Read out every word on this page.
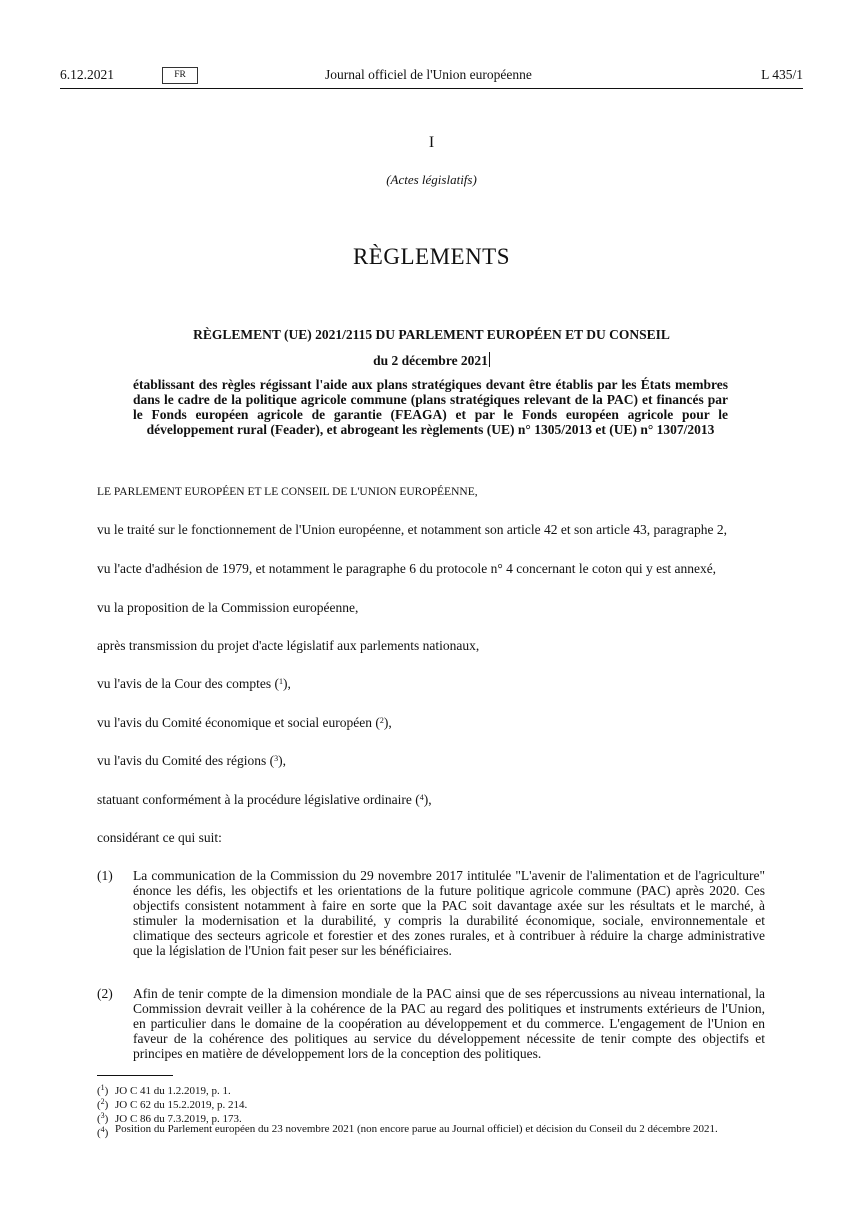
6.12.2021	FR	Journal officiel de l'Union européenne	L 435/1
I
(Actes législatifs)
RÈGLEMENTS
RÈGLEMENT (UE) 2021/2115 DU PARLEMENT EUROPÉEN ET DU CONSEIL
du 2 décembre 2021
établissant des règles régissant l'aide aux plans stratégiques devant être établis par les États membres dans le cadre de la politique agricole commune (plans stratégiques relevant de la PAC) et financés par le Fonds européen agricole de garantie (FEAGA) et par le Fonds européen agricole pour le développement rural (Feader), et abrogeant les règlements (UE) n° 1305/2013 et (UE) n° 1307/2013
LE PARLEMENT EUROPÉEN ET LE CONSEIL DE L'UNION EUROPÉENNE,
vu le traité sur le fonctionnement de l'Union européenne, et notamment son article 42 et son article 43, paragraphe 2,
vu l'acte d'adhésion de 1979, et notamment le paragraphe 6 du protocole n° 4 concernant le coton qui y est annexé,
vu la proposition de la Commission européenne,
après transmission du projet d'acte législatif aux parlements nationaux,
vu l'avis de la Cour des comptes ($^1$),
vu l'avis du Comité économique et social européen ($^2$),
vu l'avis du Comité des régions ($^3$),
statuant conformément à la procédure législative ordinaire ($^4$),
considérant ce qui suit:
(1) La communication de la Commission du 29 novembre 2017 intitulée "L'avenir de l'alimentation et de l'agriculture" énonce les défis, les objectifs et les orientations de la future politique agricole commune (PAC) après 2020. Ces objectifs consistent notamment à faire en sorte que la PAC soit davantage axée sur les résultats et le marché, à stimuler la modernisation et la durabilité, y compris la durabilité économique, sociale, environnementale et climatique des secteurs agricole et forestier et des zones rurales, et à contribuer à réduire la charge administrative que la législation de l'Union fait peser sur les bénéficiaires.
(2) Afin de tenir compte de la dimension mondiale de la PAC ainsi que de ses répercussions au niveau international, la Commission devrait veiller à la cohérence de la PAC au regard des politiques et instruments extérieurs de l'Union, en particulier dans le domaine de la coopération au développement et du commerce. L'engagement de l'Union en faveur de la cohérence des politiques au service du développement nécessite de tenir compte des objectifs et principes en matière de développement lors de la conception des politiques.
($^1$) JO C 41 du 1.2.2019, p. 1.
($^2$) JO C 62 du 15.2.2019, p. 214.
($^3$) JO C 86 du 7.3.2019, p. 173.
($^4$) Position du Parlement européen du 23 novembre 2021 (non encore parue au Journal officiel) et décision du Conseil du 2 décembre 2021.
